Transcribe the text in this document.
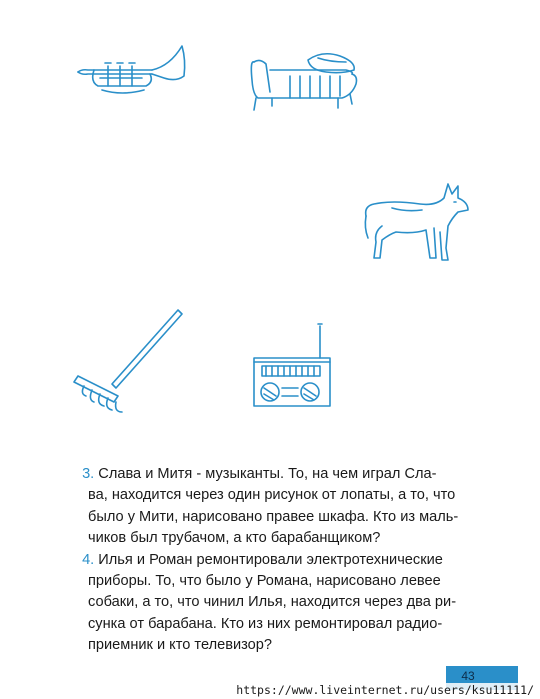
3. Слава и Митя - музыканты. То, на чем играл Сла-
ва, находится через один рисунок от лопаты, а то, что
было у Мити, нарисовано правее шкафа. Кто из маль-
чиков был трубачом, а кто барабанщиком?

4. Илья и Роман ремонтировали электротехнические
приборы. То, что было у Романа, нарисовано левее
собаки, а то, что чинил Илья, находится через два ри-
сунка от барабана. Кто из них ремонтировал радио-
приемник и кто телевизор?

43
https://www.liveinternet.ru/users/ksu11111/
